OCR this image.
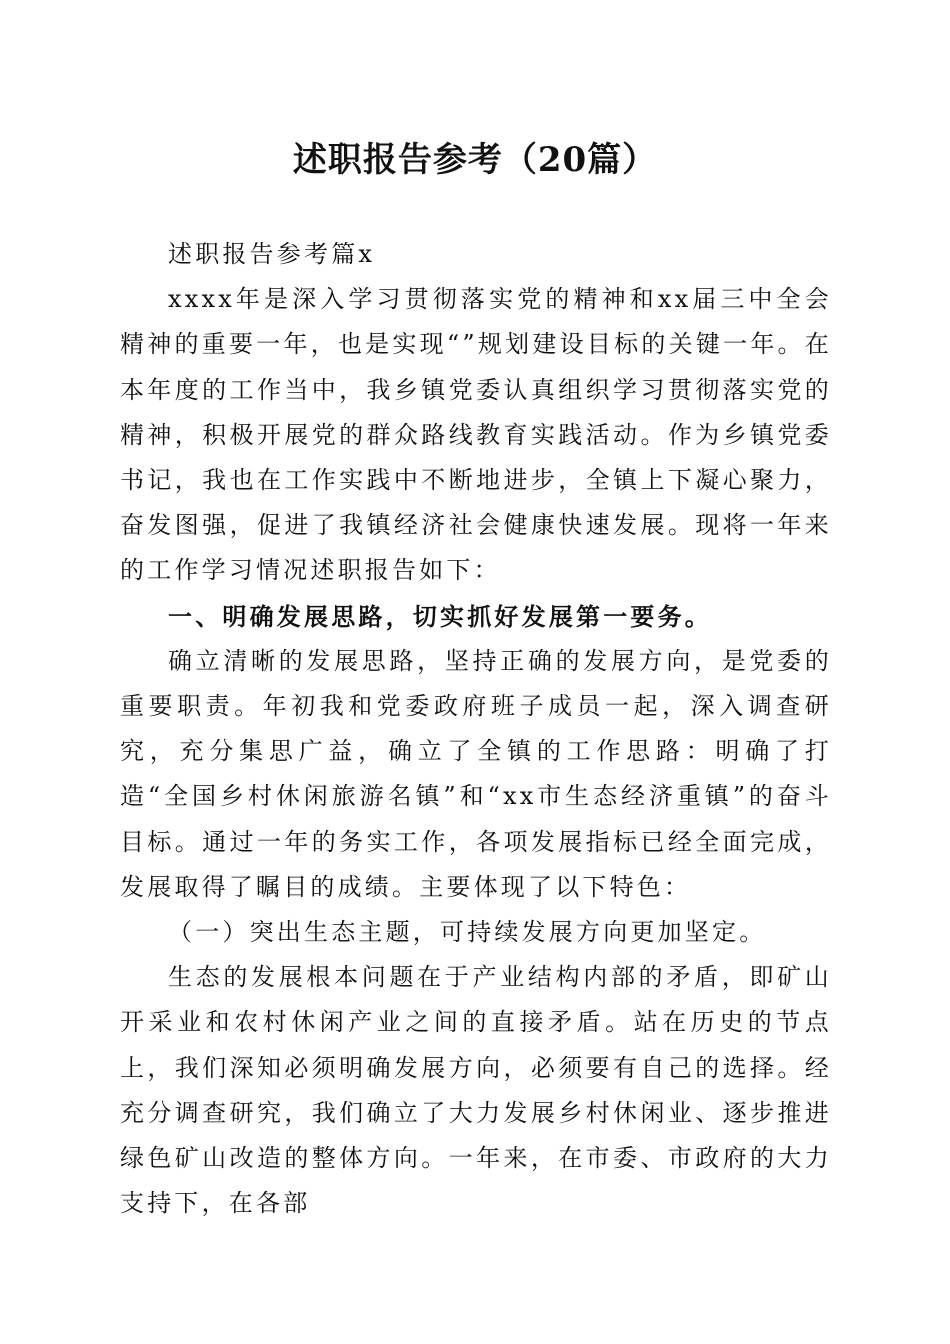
述职报告参考（20篇）

述职报告参考篇x

xxxx年是深入学习贯彻落实党的精神和xx届三中全会精神的重要一年，也是实现“”规划建设目标的关键一年。在本年度的工作当中，我乡镇党委认真组织学习贯彻落实党的精神，积极开展党的群众路线教育实践活动。作为乡镇党委书记，我也在工作实践中不断地进步，全镇上下凝心聚力，奋发图强，促进了我镇经济社会健康快速发展。现将一年来的工作学习情况述职报告如下：

一、明确发展思路，切实抓好发展第一要务。

确立清晰的发展思路，坚持正确的发展方向，是党委的重要职责。年初我和党委政府班子成员一起，深入调查研究，充分集思广益，确立了全镇的工作思路：明确了打造“全国乡村休闲旅游名镇”和“xx市生态经济重镇”的奋斗目标。通过一年的务实工作，各项发展指标已经全面完成，发展取得了瞩目的成绩。主要体现了以下特色：

（一）突出生态主题，可持续发展方向更加坚定。

生态的发展根本问题在于产业结构内部的矛盾，即矿山开采业和农村休闲产业之间的直接矛盾。站在历史的节点上，我们深知必须明确发展方向，必须要有自己的选择。经充分调查研究，我们确立了大力发展乡村休闲业、逐步推进绿色矿山改造的整体方向。一年来，在市委、市政府的大力支持下，在各部
